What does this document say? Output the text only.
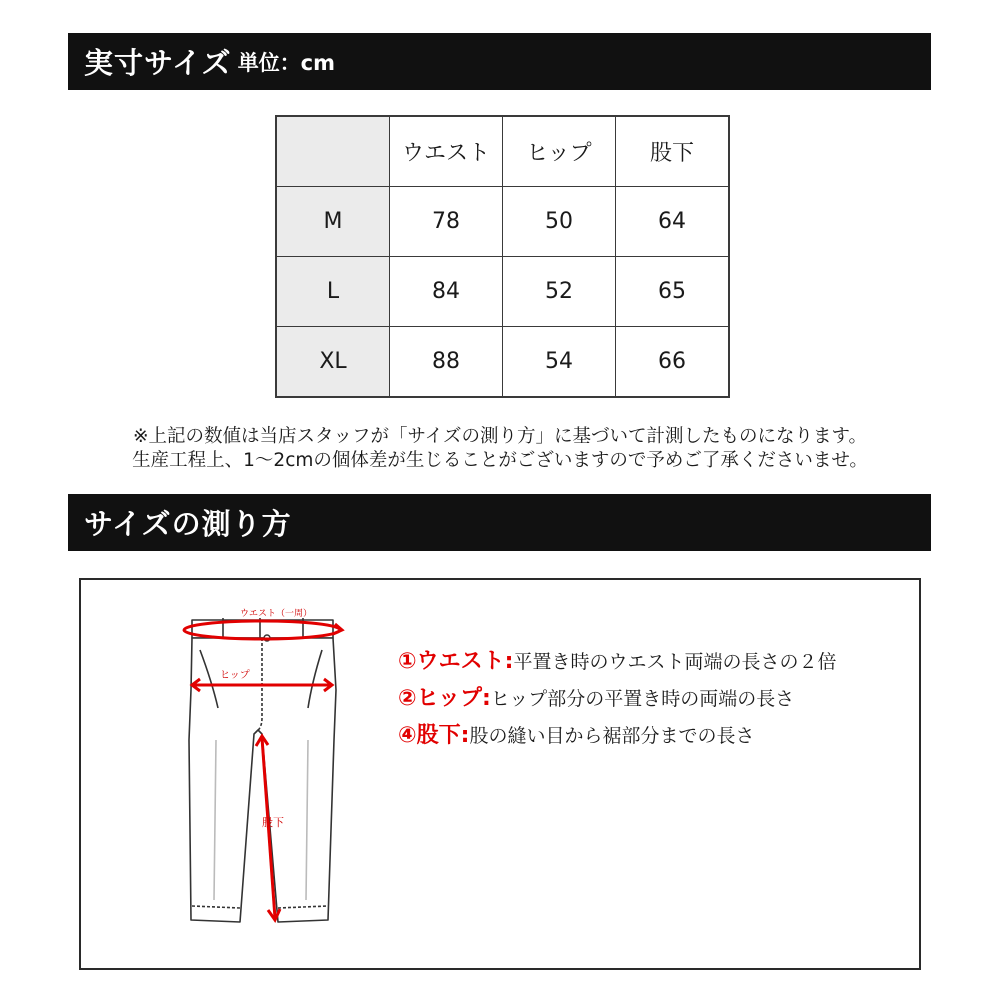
実寸サイズ 単位：cm
	ウエスト	ヒップ	股下
M	78	50	64
L	84	52	65
XL	88	54	66
※上記の数値は当店スタッフが「サイズの測り方」に基づいて計測したものになります。
生産工程上、1〜2cmの個体差が生じることがございますので予めご了承くださいませ。
サイズの測り方
ウエスト（一周）
ヒップ
股下
①ウエスト: 平置き時のウエスト両端の長さの２倍
②ヒップ: ヒップ部分の平置き時の両端の長さ
④股下: 股の縫い目から裾部分までの長さ
